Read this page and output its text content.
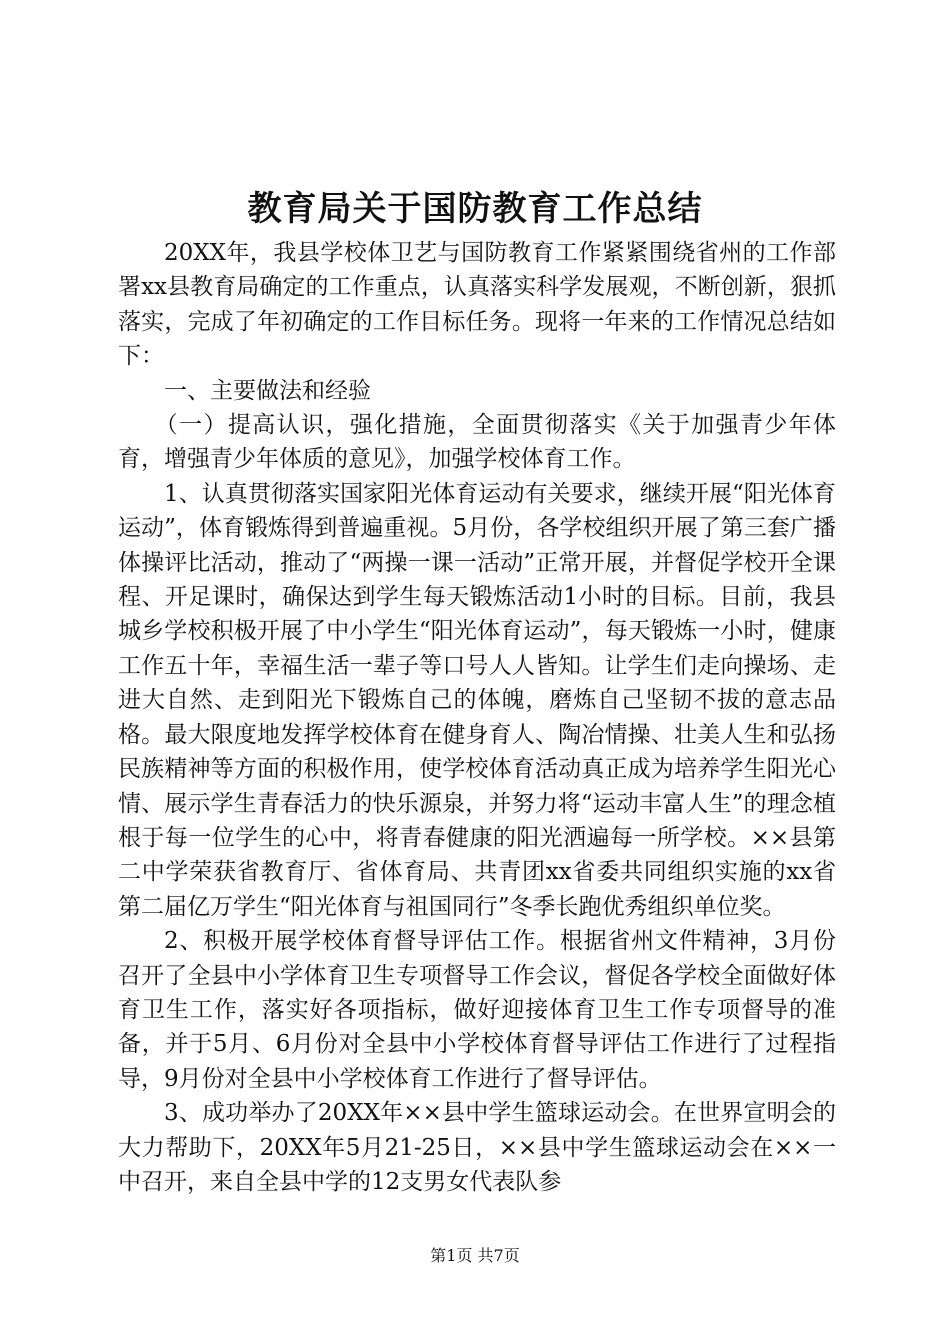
教育局关于国防教育工作总结

20XX年，我县学校体卫艺与国防教育工作紧紧围绕省州的工作部署xx县教育局确定的工作重点，认真落实科学发展观，不断创新，狠抓落实，完成了年初确定的工作目标任务。现将一年来的工作情况总结如下：

一、主要做法和经验

（一）提高认识，强化措施，全面贯彻落实《关于加强青少年体育，增强青少年体质的意见》，加强学校体育工作。

1、认真贯彻落实国家阳光体育运动有关要求，继续开展“阳光体育运动”，体育锻炼得到普遍重视。5月份，各学校组织开展了第三套广播体操评比活动，推动了“两操一课一活动”正常开展，并督促学校开全课程、开足课时，确保达到学生每天锻炼活动1小时的目标。目前，我县城乡学校积极开展了中小学生“阳光体育运动”，每天锻炼一小时，健康工作五十年，幸福生活一辈子等口号人人皆知。让学生们走向操场、走进大自然、走到阳光下锻炼自己的体魄，磨炼自己坚韧不拔的意志品格。最大限度地发挥学校体育在健身育人、陶冶情操、壮美人生和弘扬民族精神等方面的积极作用，使学校体育活动真正成为培养学生阳光心情、展示学生青春活力的快乐源泉，并努力将“运动丰富人生”的理念植根于每一位学生的心中，将青春健康的阳光洒遍每一所学校。××县第二中学荣获省教育厅、省体育局、共青团xx省委共同组织实施的xx省第二届亿万学生“阳光体育与祖国同行”冬季长跑优秀组织单位奖。

2、积极开展学校体育督导评估工作。根据省州文件精神，3月份召开了全县中小学体育卫生专项督导工作会议，督促各学校全面做好体育卫生工作，落实好各项指标，做好迎接体育卫生工作专项督导的准备，并于5月、6月份对全县中小学校体育督导评估工作进行了过程指导，9月份对全县中小学校体育工作进行了督导评估。

3、成功举办了20XX年××县中学生篮球运动会。在世界宣明会的大力帮助下，20XX年5月21-25日，××县中学生篮球运动会在××一中召开，来自全县中学的12支男女代表队参

第1页 共7页
